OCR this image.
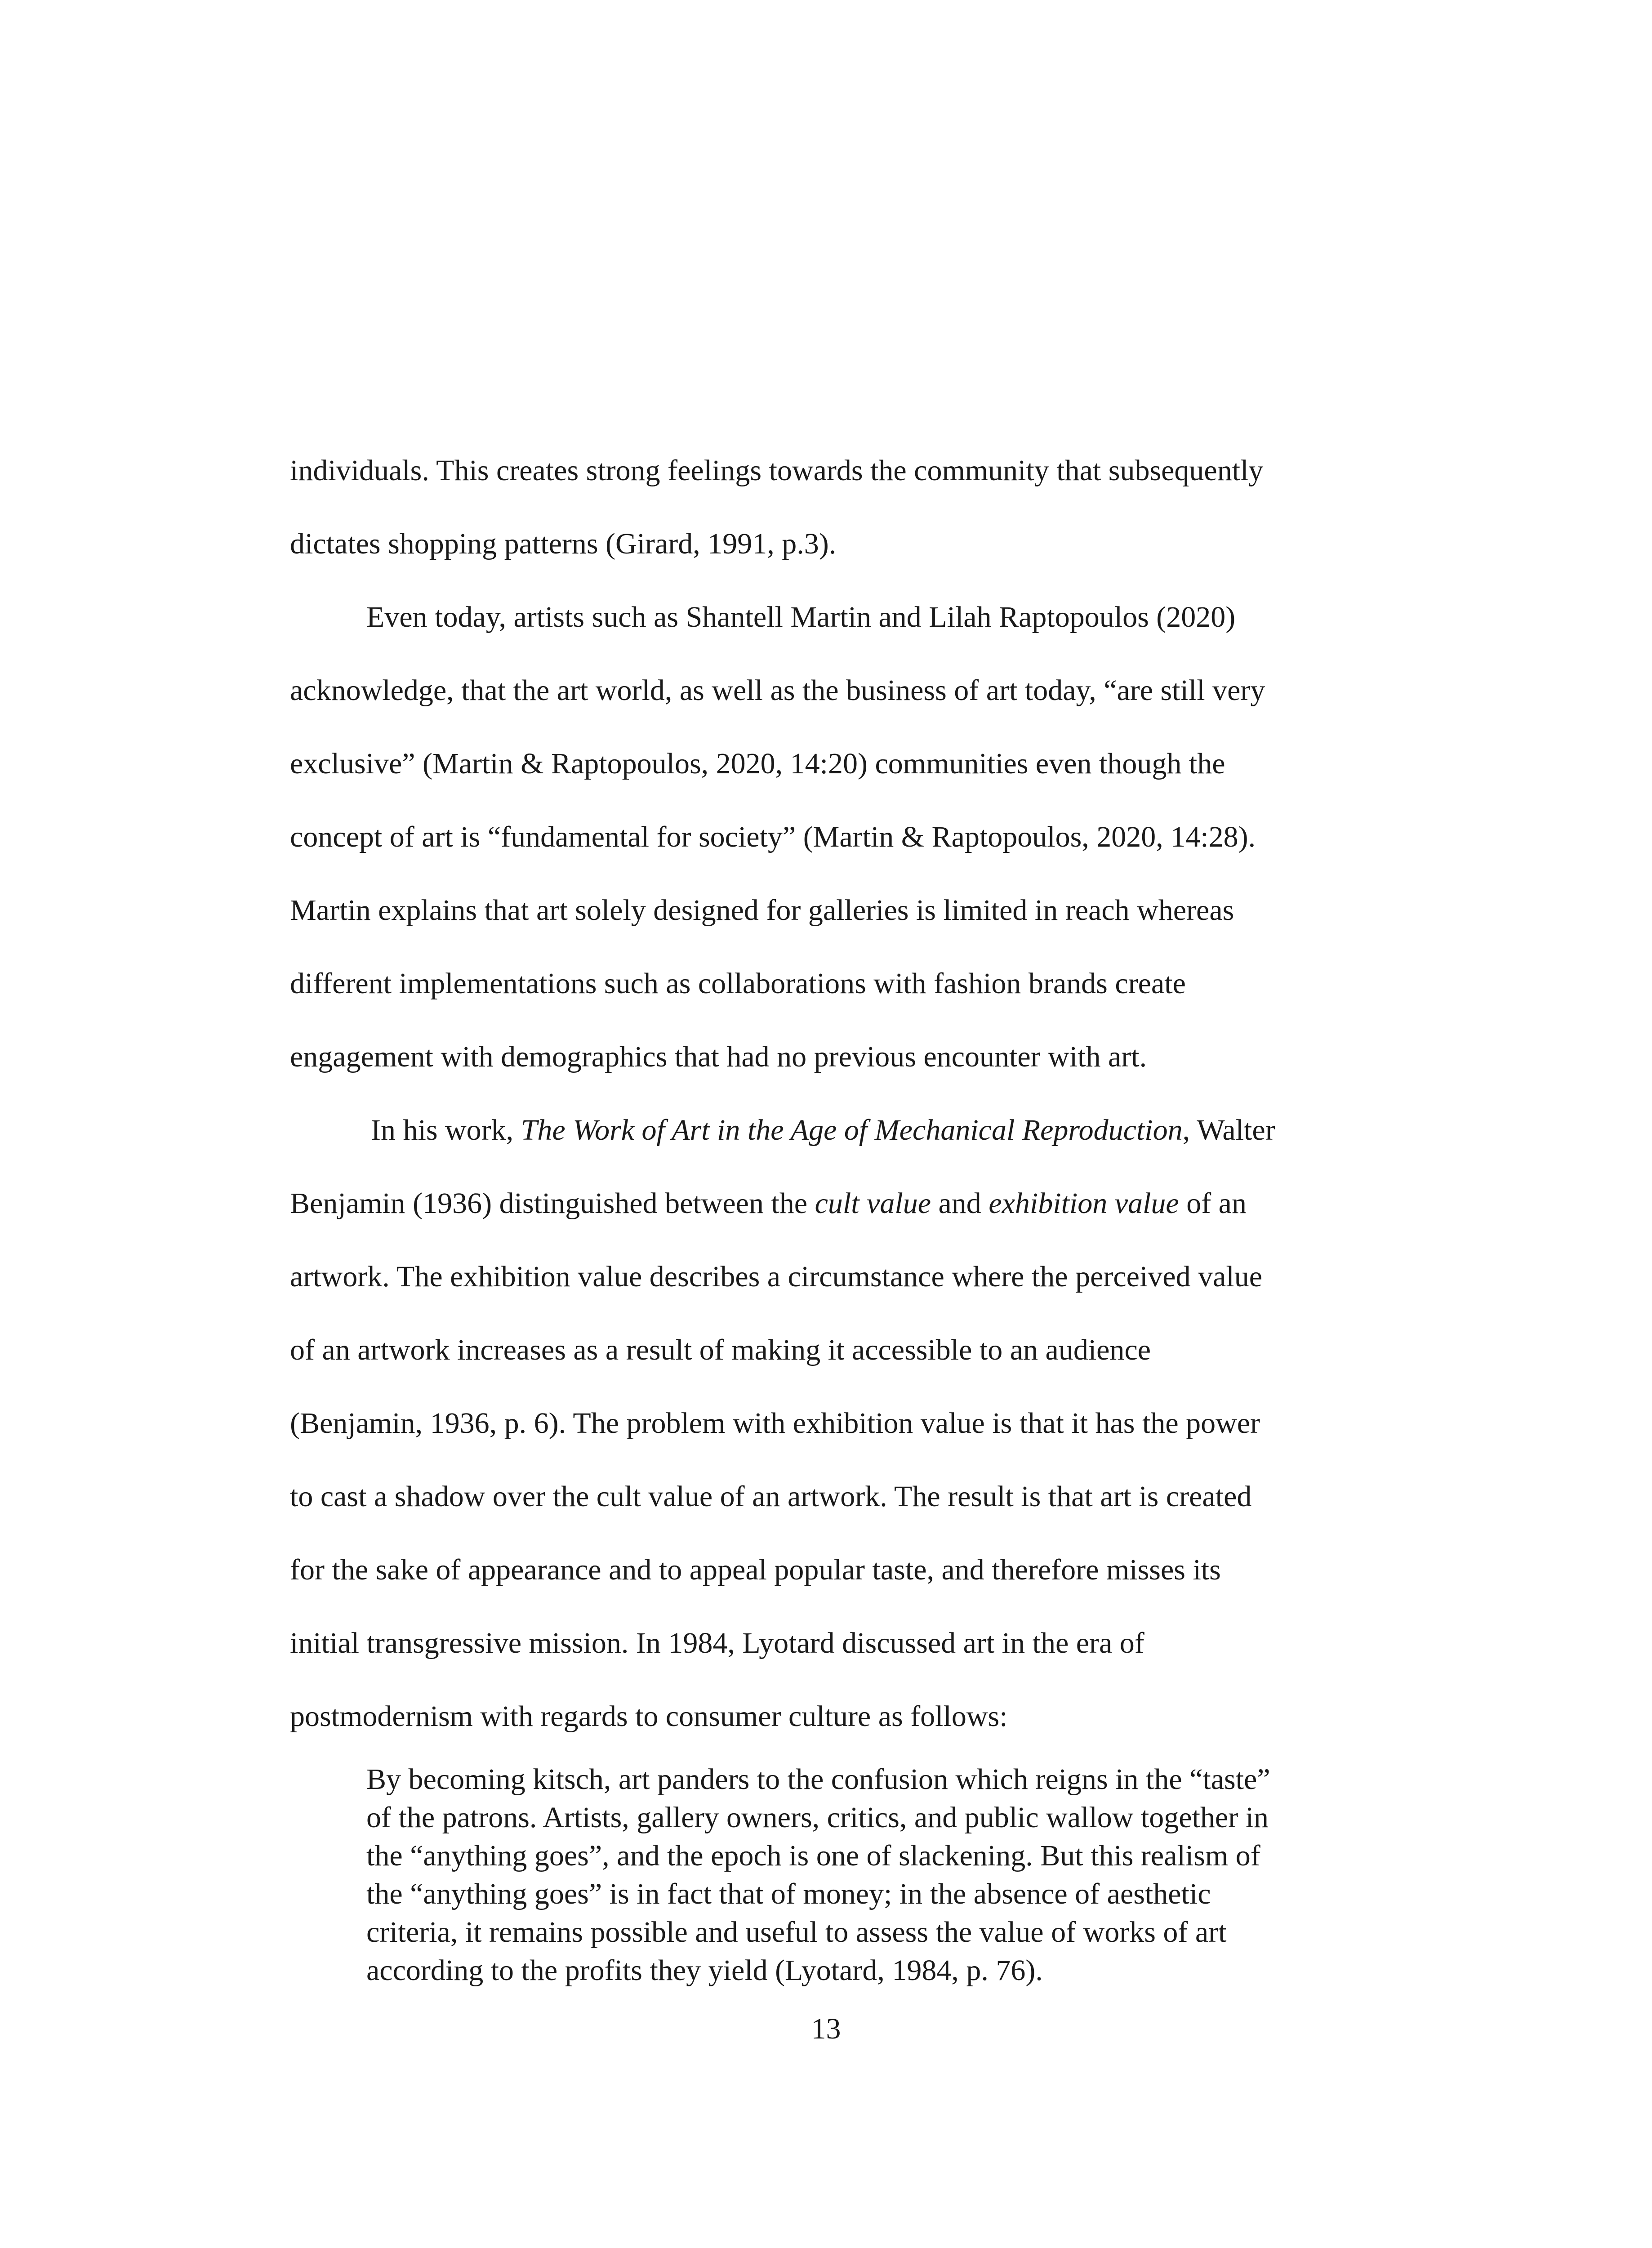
individuals. This creates strong feelings towards the community that subsequently
dictates shopping patterns (Girard, 1991, p.3).
Even today, artists such as Shantell Martin and Lilah Raptopoulos (2020)
acknowledge, that the art world, as well as the business of art today, “are still very
exclusive” (Martin & Raptopoulos, 2020, 14:20) communities even though the
concept of art is “fundamental for society” (Martin & Raptopoulos, 2020, 14:28).
Martin explains that art solely designed for galleries is limited in reach whereas
different implementations such as collaborations with fashion brands create
engagement with demographics that had no previous encounter with art.
In his work, The Work of Art in the Age of Mechanical Reproduction, Walter
Benjamin (1936) distinguished between the cult value and exhibition value of an
artwork. The exhibition value describes a circumstance where the perceived value
of an artwork increases as a result of making it accessible to an audience
(Benjamin, 1936, p. 6). The problem with exhibition value is that it has the power
to cast a shadow over the cult value of an artwork. The result is that art is created
for the sake of appearance and to appeal popular taste, and therefore misses its
initial transgressive mission. In 1984, Lyotard discussed art in the era of
postmodernism with regards to consumer culture as follows:
By becoming kitsch, art panders to the confusion which reigns in the “taste”
of the patrons. Artists, gallery owners, critics, and public wallow together in
the “anything goes”, and the epoch is one of slackening. But this realism of
the “anything goes” is in fact that of money; in the absence of aesthetic
criteria, it remains possible and useful to assess the value of works of art
according to the profits they yield (Lyotard, 1984, p. 76).
13
